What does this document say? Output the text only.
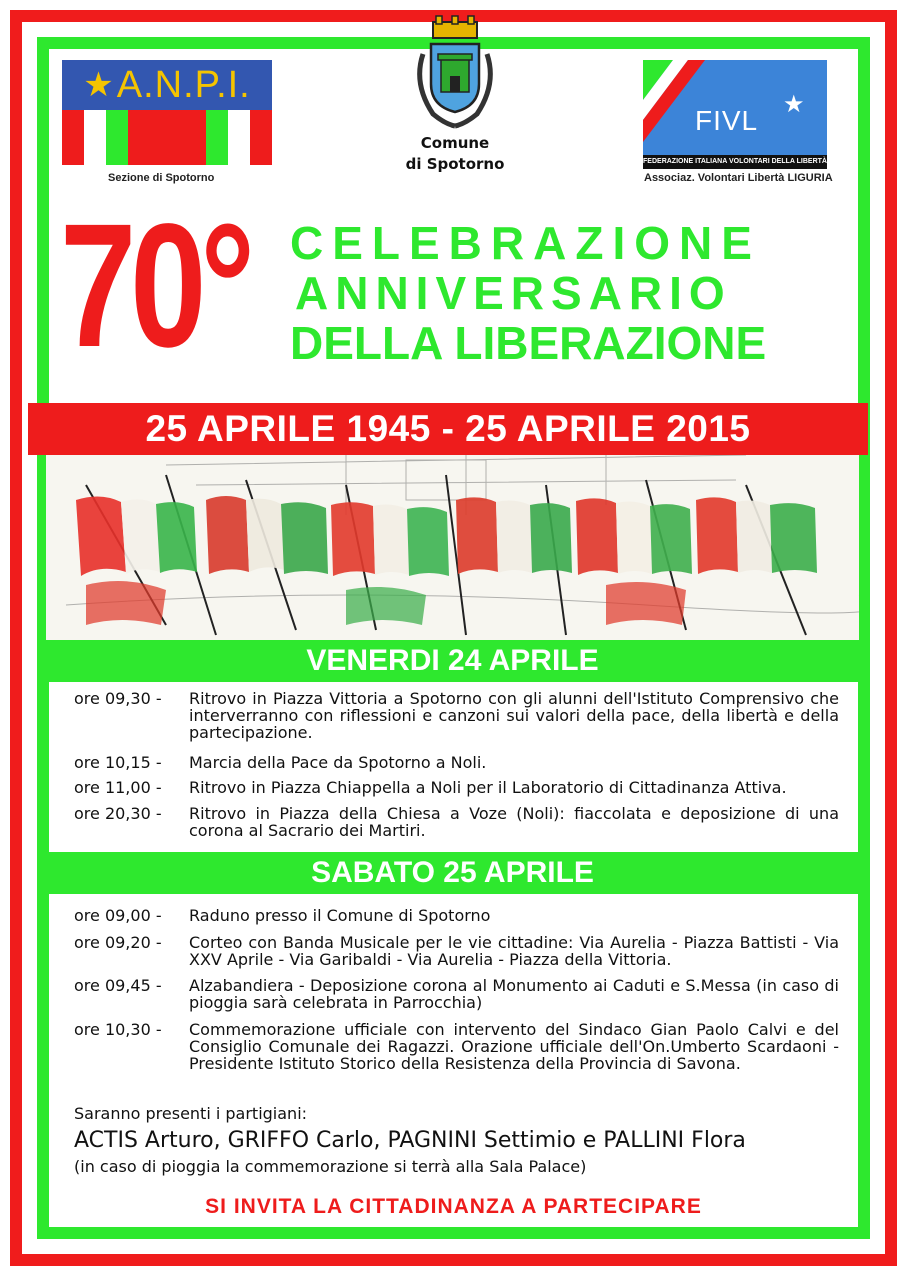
★ A.N.P.I.
Sezione di Spotorno
Comune
di Spotorno
FIVL
★
FEDERAZIONE ITALIANA VOLONTARI DELLA LIBERTÀ
Associaz. Volontari Libertà LIGURIA
70° CELEBRAZIONE
ANNIVERSARIO
DELLA LIBERAZIONE
25 APRILE 1945 - 25 APRILE 2015
VENERDI 24 APRILE
ore 09,30 -	Ritrovo in Piazza Vittoria a Spotorno con gli alunni dell'Istituto Comprensivo che interverranno con riflessioni e canzoni sui valori della pace, della libertà e della partecipazione.
ore 10,15 -	Marcia della Pace da Spotorno a Noli.
ore 11,00 -	Ritrovo in Piazza Chiappella a Noli per il Laboratorio di Cittadinanza Attiva.
ore 20,30 -	Ritrovo in Piazza della Chiesa a Voze (Noli): fiaccolata e deposizione di una corona al Sacrario dei Martiri.
SABATO 25 APRILE
ore 09,00 -	Raduno presso il Comune di Spotorno
ore 09,20 -	Corteo con Banda Musicale per le vie cittadine: Via Aurelia - Piazza Battisti - Via XXV Aprile - Via Garibaldi - Via Aurelia - Piazza della Vittoria.
ore 09,45 -	Alzabandiera - Deposizione corona al Monumento ai Caduti e S.Messa (in caso di pioggia sarà celebrata in Parrocchia)
ore 10,30 -	Commemorazione ufficiale con intervento del Sindaco Gian Paolo Calvi e del Consiglio Comunale dei Ragazzi. Orazione ufficiale dell'On.Umberto Scardaoni - Presidente Istituto Storico della Resistenza della Provincia di Savona.
Saranno presenti i partigiani:
ACTIS Arturo, GRIFFO Carlo, PAGNINI Settimio e PALLINI Flora
(in caso di pioggia la commemorazione si terrà alla Sala Palace)
SI INVITA LA CITTADINANZA A PARTECIPARE
